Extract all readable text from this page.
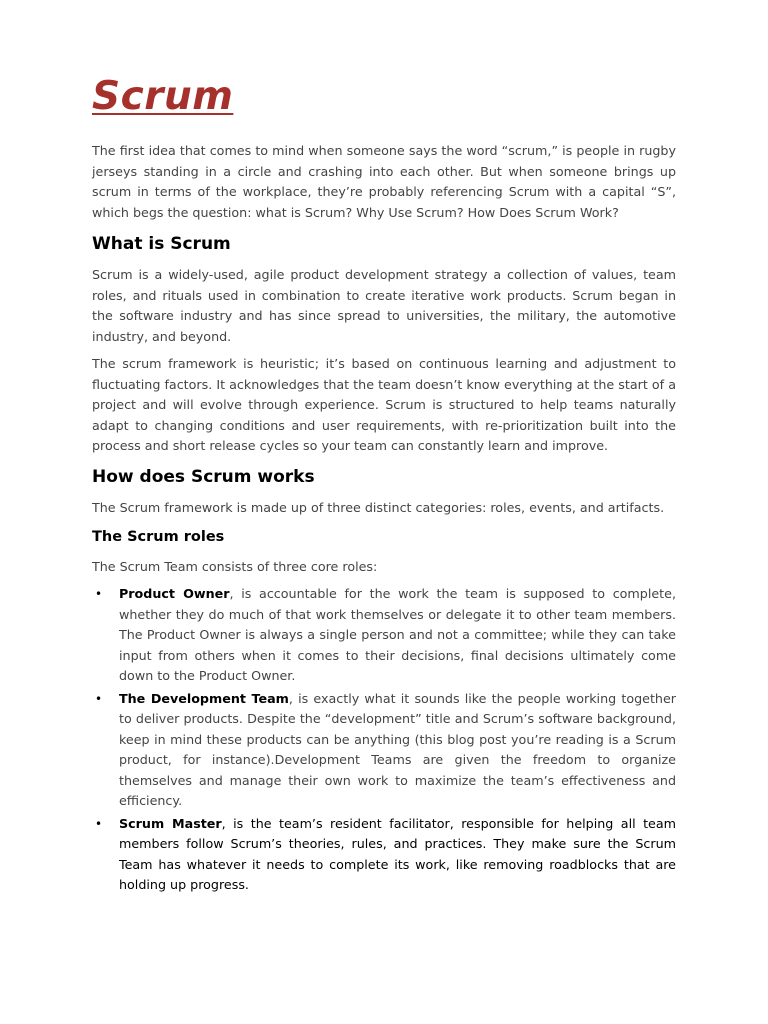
Scrum

The first idea that comes to mind when someone says the word “scrum,” is people in rugby jerseys standing in a circle and crashing into each other. But when someone brings up scrum in terms of the workplace, they’re probably referencing Scrum with a capital “S”, which begs the question: what is Scrum? Why Use Scrum? How Does Scrum Work?

What is Scrum

Scrum is a widely-used, agile product development strategy a collection of values, team roles, and rituals used in combination to create iterative work products. Scrum began in the software industry and has since spread to universities, the military, the automotive industry, and beyond.

The scrum framework is heuristic; it’s based on continuous learning and adjustment to fluctuating factors. It acknowledges that the team doesn’t know everything at the start of a project and will evolve through experience. Scrum is structured to help teams naturally adapt to changing conditions and user requirements, with re-prioritization built into the process and short release cycles so your team can constantly learn and improve.

How does Scrum works

The Scrum framework is made up of three distinct categories: roles, events, and artifacts.

The Scrum roles

The Scrum Team consists of three core roles:

• Product Owner, is accountable for the work the team is supposed to complete, whether they do much of that work themselves or delegate it to other team members. The Product Owner is always a single person and not a committee; while they can take input from others when it comes to their decisions, final decisions ultimately come down to the Product Owner.
• The Development Team, is exactly what it sounds like the people working together to deliver products. Despite the “development” title and Scrum’s software background, keep in mind these products can be anything (this blog post you’re reading is a Scrum product, for instance).Development Teams are given the freedom to organize themselves and manage their own work to maximize the team’s effectiveness and efficiency.
• Scrum Master, is the team’s resident facilitator, responsible for helping all team members follow Scrum’s theories, rules, and practices. They make sure the Scrum Team has whatever it needs to complete its work, like removing roadblocks that are holding up progress.
